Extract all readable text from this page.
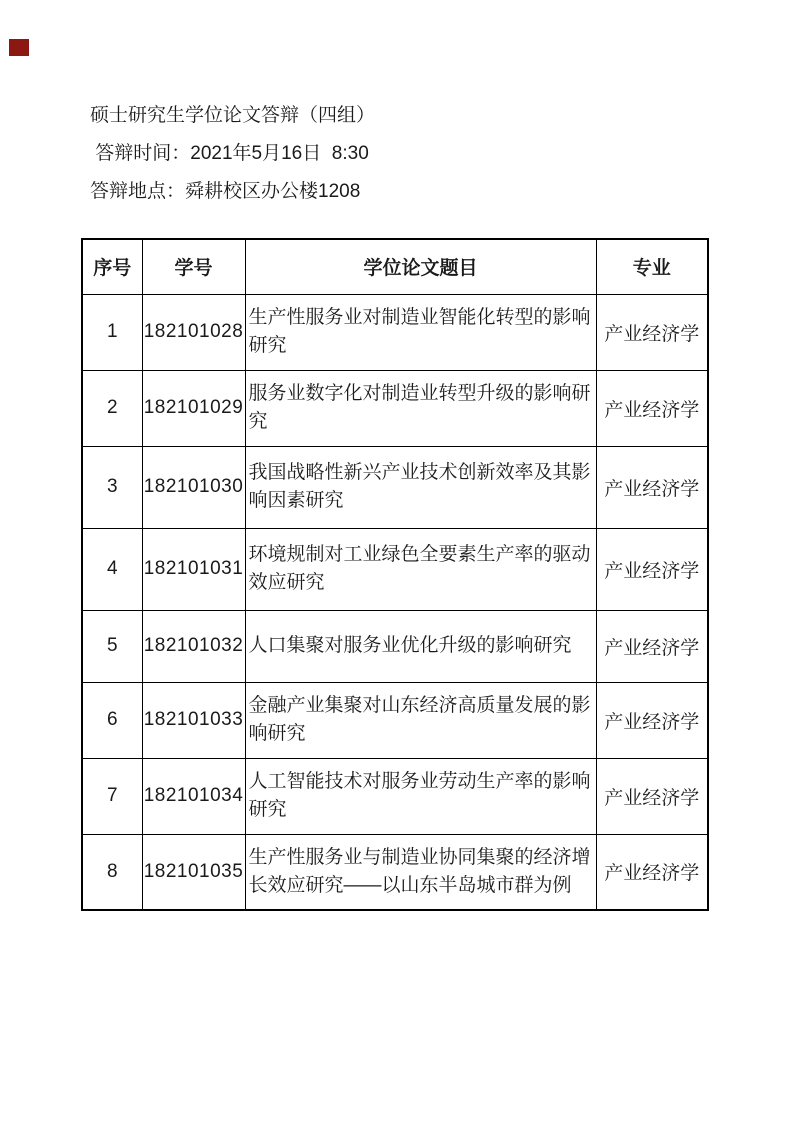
硕士研究生学位论文答辩（四组）

答辩时间：2021年5月16日  8:30

答辩地点：舜耕校区办公楼1208

序号	学号	学位论文题目	专业
1	182101028	生产性服务业对制造业智能化转型的影响研究	产业经济学
2	182101029	服务业数字化对制造业转型升级的影响研究	产业经济学
3	182101030	我国战略性新兴产业技术创新效率及其影响因素研究	产业经济学
4	182101031	环境规制对工业绿色全要素生产率的驱动效应研究	产业经济学
5	182101032	人口集聚对服务业优化升级的影响研究	产业经济学
6	182101033	金融产业集聚对山东经济高质量发展的影响研究	产业经济学
7	182101034	人工智能技术对服务业劳动生产率的影响研究	产业经济学
8	182101035	生产性服务业与制造业协同集聚的经济增长效应研究——以山东半岛城市群为例	产业经济学
